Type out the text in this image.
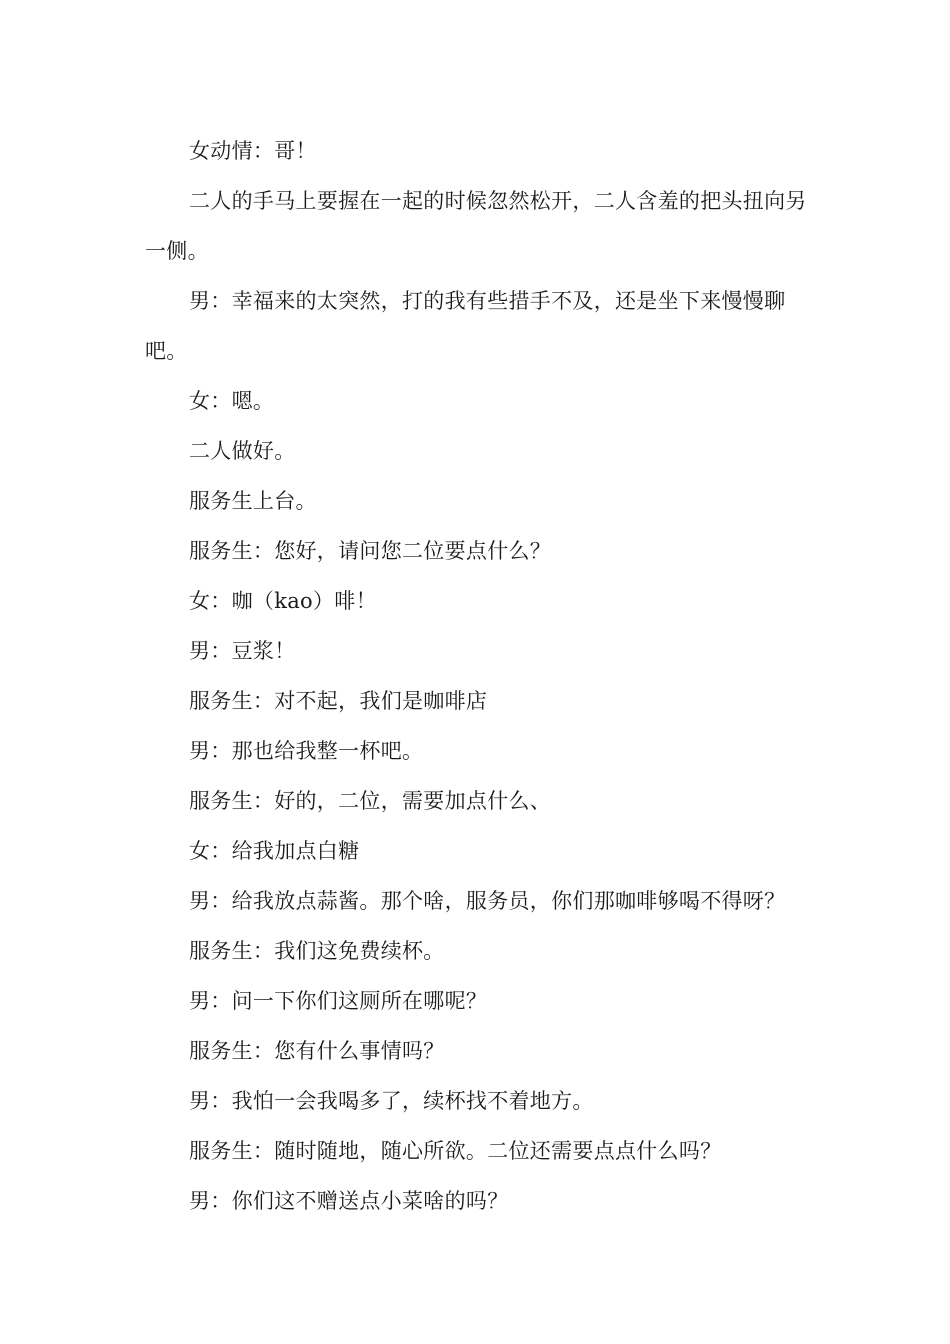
女动情：哥！

二人的手马上要握在一起的时候忽然松开，二人含羞的把头扭向另一侧。

男：幸福来的太突然，打的我有些措手不及，还是坐下来慢慢聊吧。

女：嗯。

二人做好。

服务生上台。

服务生：您好，请问您二位要点什么？

女：咖（kao）啡！

男：豆浆！

服务生：对不起，我们是咖啡店

男：那也给我整一杯吧。

服务生：好的，二位，需要加点什么、

女：给我加点白糖

男：给我放点蒜酱。那个啥，服务员，你们那咖啡够喝不得呀？

服务生：我们这免费续杯。

男：问一下你们这厕所在哪呢？

服务生：您有什么事情吗？

男：我怕一会我喝多了，续杯找不着地方。

服务生：随时随地，随心所欲。二位还需要点点什么吗？

男：你们这不赠送点小菜啥的吗？
